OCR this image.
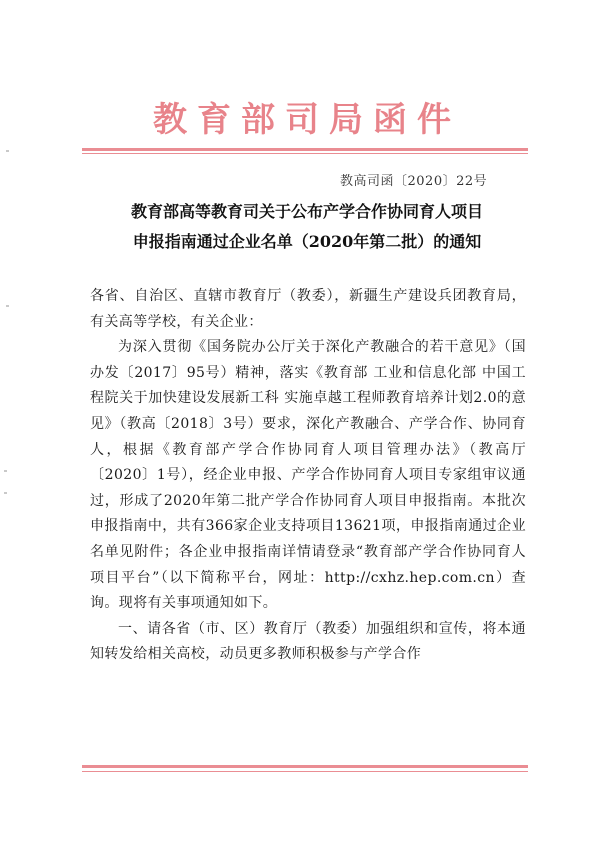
教育部司局函件
教高司函〔2020〕22号
教育部高等教育司关于公布产学合作协同育人项目
申报指南通过企业名单（2020年第二批）的通知

各省、自治区、直辖市教育厅（教委），新疆生产建设兵团教育局，有关高等学校，有关企业：

为深入贯彻《国务院办公厅关于深化产教融合的若干意见》（国办发〔2017〕95号）精神，落实《教育部 工业和信息化部 中国工程院关于加快建设发展新工科 实施卓越工程师教育培养计划2.0的意见》（教高〔2018〕3号）要求，深化产教融合、产学合作、协同育人，根据《教育部产学合作协同育人项目管理办法》（教高厅〔2020〕1号），经企业申报、产学合作协同育人项目专家组审议通过，形成了2020年第二批产学合作协同育人项目申报指南。本批次申报指南中，共有366家企业支持项目13621项，申报指南通过企业名单见附件；各企业申报指南详情请登录“教育部产学合作协同育人项目平台”（以下简称平台，网址：http://cxhz.hep.com.cn）查询。现将有关事项通知如下。

一、请各省（市、区）教育厅（教委）加强组织和宣传，将本通知转发给相关高校，动员更多教师积极参与产学合作
